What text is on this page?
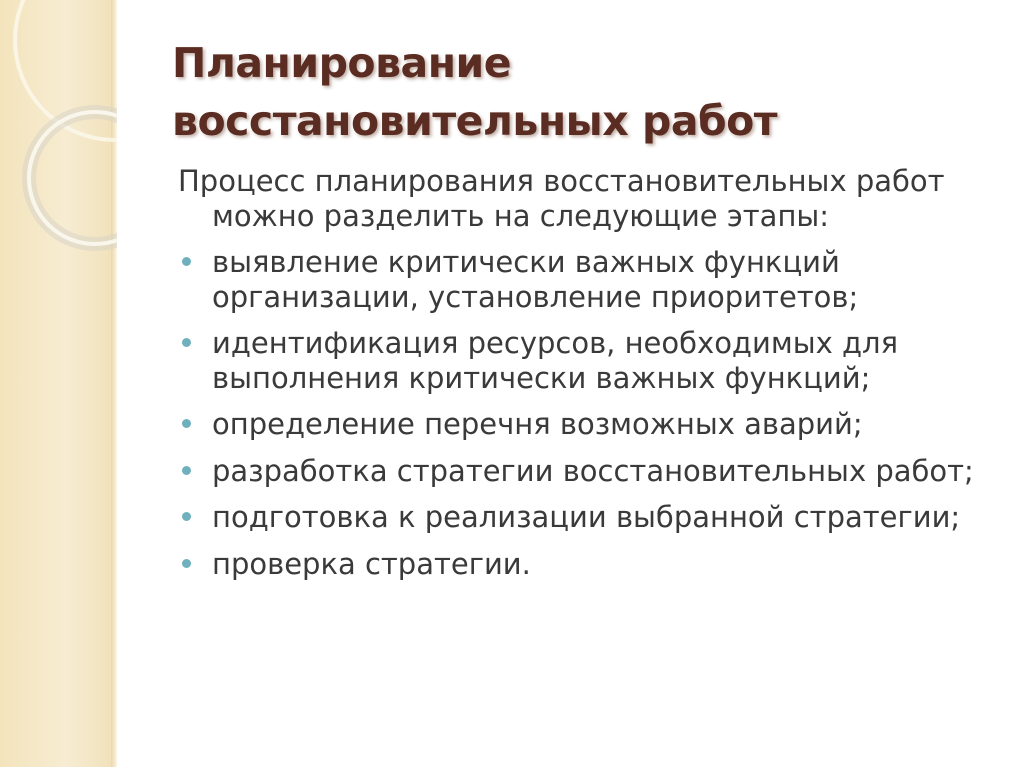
Планирование
восстановительных работ

Процесс планирования восстановительных работ можно разделить на следующие этапы:

выявление критически важных функций организации, установление приоритетов;
идентификация ресурсов, необходимых для выполнения критически важных функций;
определение перечня возможных аварий;
разработка стратегии восстановительных работ;
подготовка к реализации выбранной стратегии;
проверка стратегии.
